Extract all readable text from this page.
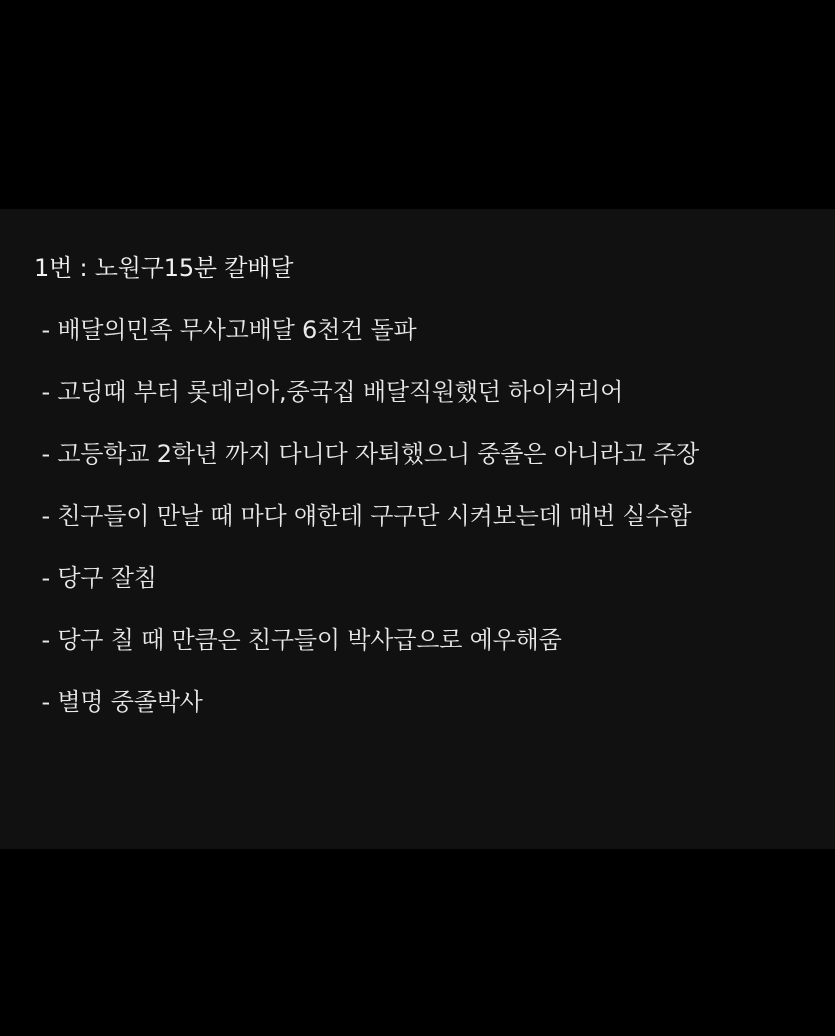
1번 : 노원구15분 칼배달
- 배달의민족 무사고배달 6천건 돌파
- 고딩때 부터 롯데리아,중국집 배달직원했던 하이커리어
- 고등학교 2학년 까지 다니다 자퇴했으니 중졸은 아니라고 주장
- 친구들이 만날 때 마다 얘한테 구구단 시켜보는데 매번 실수함
- 당구 잘침
- 당구 칠 때 만큼은 친구들이 박사급으로 예우해줌
- 별명 중졸박사
